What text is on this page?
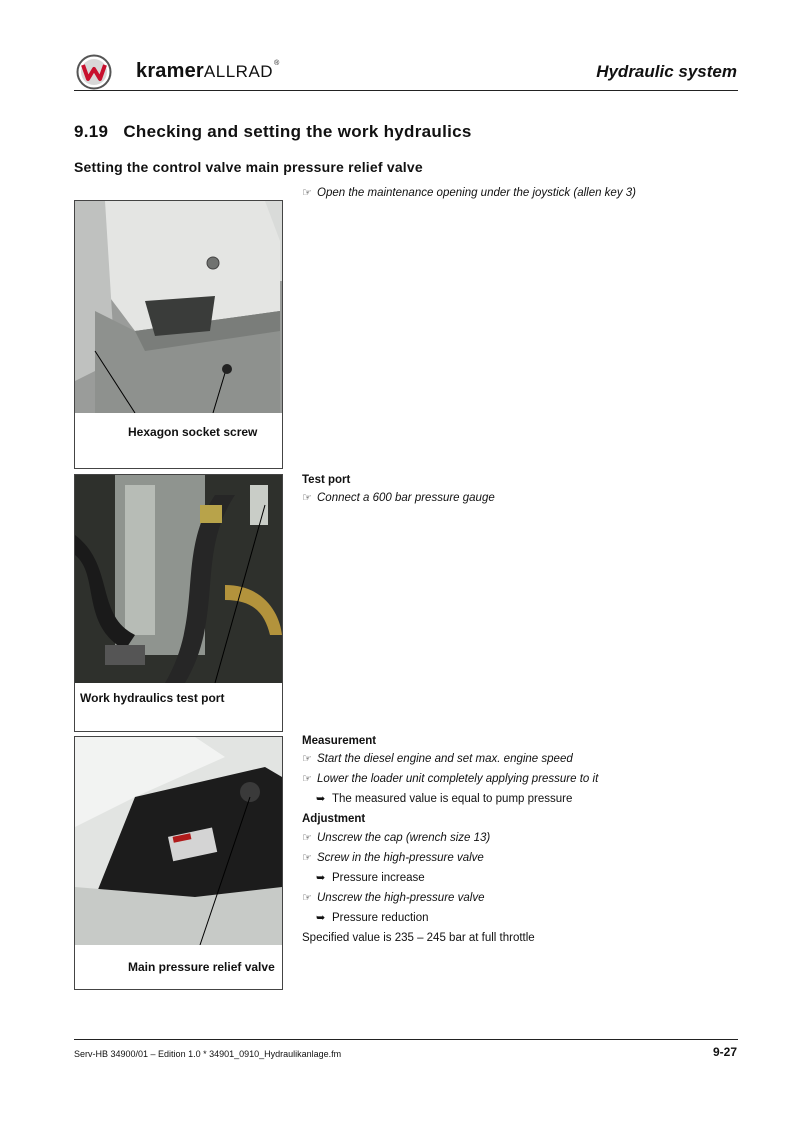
kramerALLRAD®	Hydraulic system
9.19   Checking and setting the work hydraulics
Setting the control valve main pressure relief valve
Hexagon socket screw
Work hydraulics test port
Main pressure relief valve
☞ Open the maintenance opening under the joystick (allen key 3)
Test port
☞ Connect a 600 bar pressure gauge
Measurement
☞ Start the diesel engine and set max. engine speed
☞ Lower the loader unit completely applying pressure to it
➥ The measured value is equal to pump pressure
Adjustment
☞ Unscrew the cap (wrench size 13)
☞ Screw in the high-pressure valve
➥ Pressure increase
☞ Unscrew the high-pressure valve
➥ Pressure reduction
Specified value is 235 – 245 bar at full throttle
Serv-HB 34900/01 – Edition 1.0 * 34901_0910_Hydraulikanlage.fm	9-27
